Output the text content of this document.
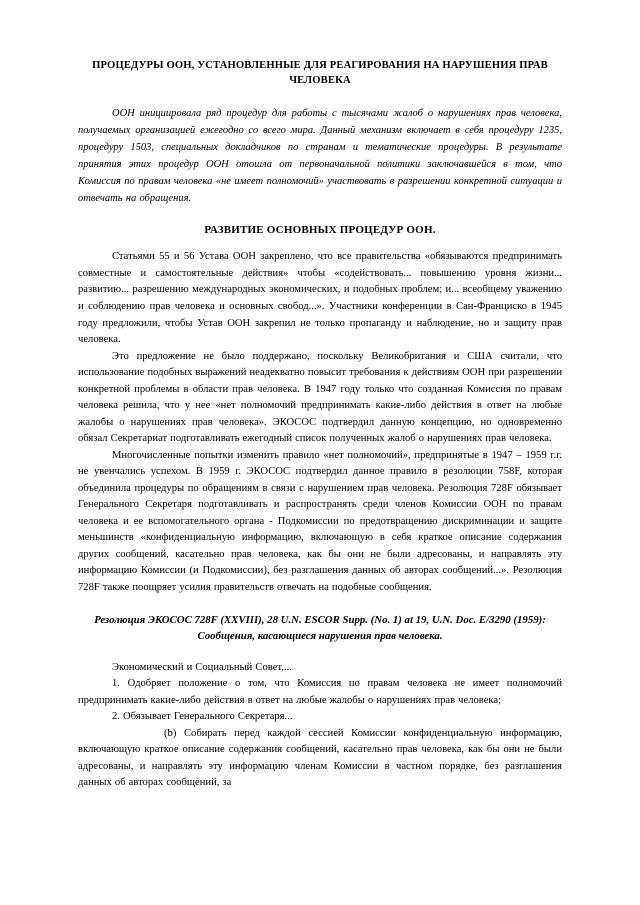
ПРОЦЕДУРЫ ООН, УСТАНОВЛЕННЫЕ ДЛЯ РЕАГИРОВАНИЯ НА НАРУШЕНИЯ ПРАВ ЧЕЛОВЕКА

ООН инициировала ряд процедур для работы с тысячами жалоб о нарушениях прав человека, получаемых организацией ежегодно со всего мира. Данный механизм включает в себя процедуру 1235, процедуру 1503, специальных докладчиков по странам и тематические процедуры. В результате принятия этих процедур ООН отошла от первоначальной политики заключавшейся в том, что Комиссия по правам человека «не имеет полномочий» участвовать в разрешении конкретной ситуации и отвечать на обращения.

РАЗВИТИЕ ОСНОВНЫХ ПРОЦЕДУР ООН.

Статьями 55 и 56 Устава ООН закреплено, что все правительства «обязываются предпринимать совместные и самостоятельные действия» чтобы «содействовать... повышению уровня жизни... развитию... разрешению международных экономических, и подобных проблем; и... всеобщему уважению и соблюдению прав человека и основных свобод...». Участники конференции в Сан-Франциско в 1945 году предложили, чтобы Устав ООН закрепил не только пропаганду и наблюдение, но и защиту прав человека.

Это предложение не было поддержано, поскольку Великобритания и США считали, что использование подобных выражений неадекватно повысит требования к действиям ООН при разрешении конкретной проблемы в области прав человека. В 1947 году только что созданная Комиссия по правам человека решила, что у нее «нет полномочий предпринимать какие-либо действия в ответ на любые жалобы о нарушениях прав человека». ЭКОСОС подтвердил данную концепцию, но одновременно обязал Секретариат подготавливать ежегодный список полученных жалоб о нарушениях прав человека.

Многочисленные попытки изменить правило «нет полномочий», предпринятые в 1947 – 1959 г.г. не увенчались успехом. В 1959 г. ЭКОСОС подтвердил данное правило в резолюции 758F, которая объединила процедуры по обращениям в связи с нарушением прав человека. Резолюция 728F обязывает Генерального Секретаря подготавливать и распространять среди членов Комиссии ООН по правам человека и ее вспомогательного органа - Подкомиссии по предотвращению дискриминации и защите меньшинств «конфиденциальную информацию, включающую в себя краткое описание содержания других сообщений, касательно прав человека, как бы они не были адресованы, и направлять эту информацию Комиссии (и Подкомиссии), без разглашения данных об авторах сообщений...». Резолюция 728F также поощряет усилия правительств отвечать на подобные сообщения.

Резолюция ЭКОСОС 728F (XXVIII), 28 U.N. ESCOR Supp. (No. 1) at 19, U.N. Doc. E/3290 (1959): Сообщения, касающиеся нарушения прав человека.

Экономический и Социальный Совет,...

1. Одобряет положение о том, что Комиссия по правам человека не имеет полномочий предпринимать какие-либо действия в ответ на любые жалобы о нарушениях прав человека;

2. Обязывает Генерального Секретаря...

(b) Собирать перед каждой сессией Комиссии конфиденциальную информацию, включающую краткое описание содержания сообщений, касательно прав человека, как бы они не были адресованы, и направлять эту информацию членам Комиссии в частном порядке, без разглашения данных об авторах сообщений, за
